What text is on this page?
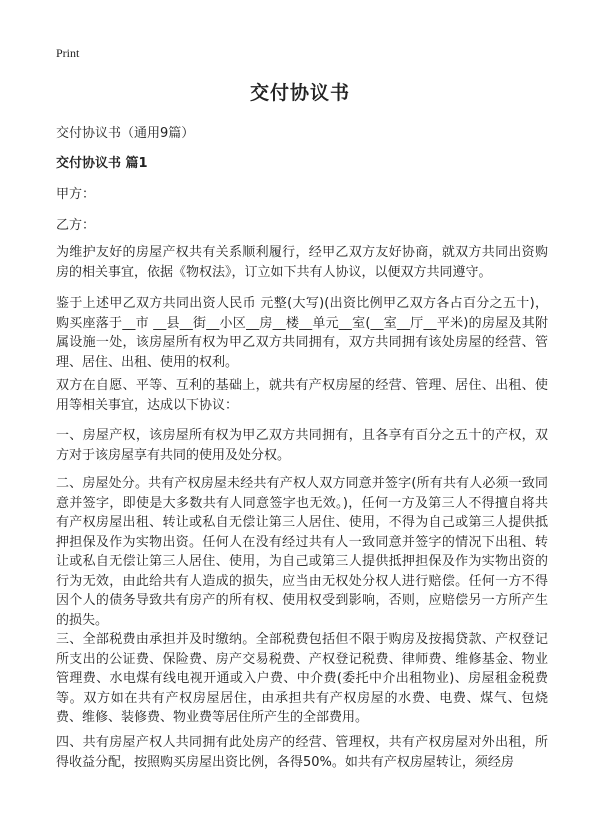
Print
交付协议书
交付协议书（通用9篇）
交付协议书 篇1
甲方：
乙方：
为维护友好的房屋产权共有关系顺利履行，经甲乙双方友好协商，就双方共同出资购房的相关事宜，依据《物权法》，订立如下共有人协议，以便双方共同遵守。
鉴于上述甲乙双方共同出资人民币 元整(大写)(出资比例甲乙双方各占百分之五十)，购买座落于__市 __县__街__小区__房__楼__单元__室(__室__厅__平米)的房屋及其附属设施一处，该房屋所有权为甲乙双方共同拥有，双方共同拥有该处房屋的经营、管理、居住、出租、使用的权利。
双方在自愿、平等、互利的基础上，就共有产权房屋的经营、管理、居住、出租、使用等相关事宜，达成以下协议：
一、房屋产权，该房屋所有权为甲乙双方共同拥有，且各享有百分之五十的产权，双方对于该房屋享有共同的使用及处分权。
二、房屋处分。共有产权房屋未经共有产权人双方同意并签字(所有共有人必须一致同意并签字，即使是大多数共有人同意签字也无效。)，任何一方及第三人不得擅自将共有产权房屋出租、转让或私自无偿让第三人居住、使用，不得为自己或第三人提供抵押担保及作为实物出资。任何人在没有经过共有人一致同意并签字的情况下出租、转让或私自无偿让第三人居住、使用，为自己或第三人提供抵押担保及作为实物出资的行为无效，由此给共有人造成的损失，应当由无权处分权人进行赔偿。任何一方不得因个人的债务导致共有房产的所有权、使用权受到影响，否则，应赔偿另一方所产生的损失。
三、全部税费由承担并及时缴纳。全部税费包括但不限于购房及按揭贷款、产权登记所支出的公证费、保险费、房产交易税费、产权登记税费、律师费、维修基金、物业管理费、水电煤有线电视开通或入户费、中介费(委托中介出租物业)、房屋租金税费等。双方如在共有产权房屋居住，由承担共有产权房屋的水费、电费、煤气、包烧费、维修、装修费、物业费等居住所产生的全部费用。
四、共有房屋产权人共同拥有此处房产的经营、管理权，共有产权房屋对外出租，所得收益分配，按照购买房屋出资比例，各得50%。如共有产权房屋转让，须经房
